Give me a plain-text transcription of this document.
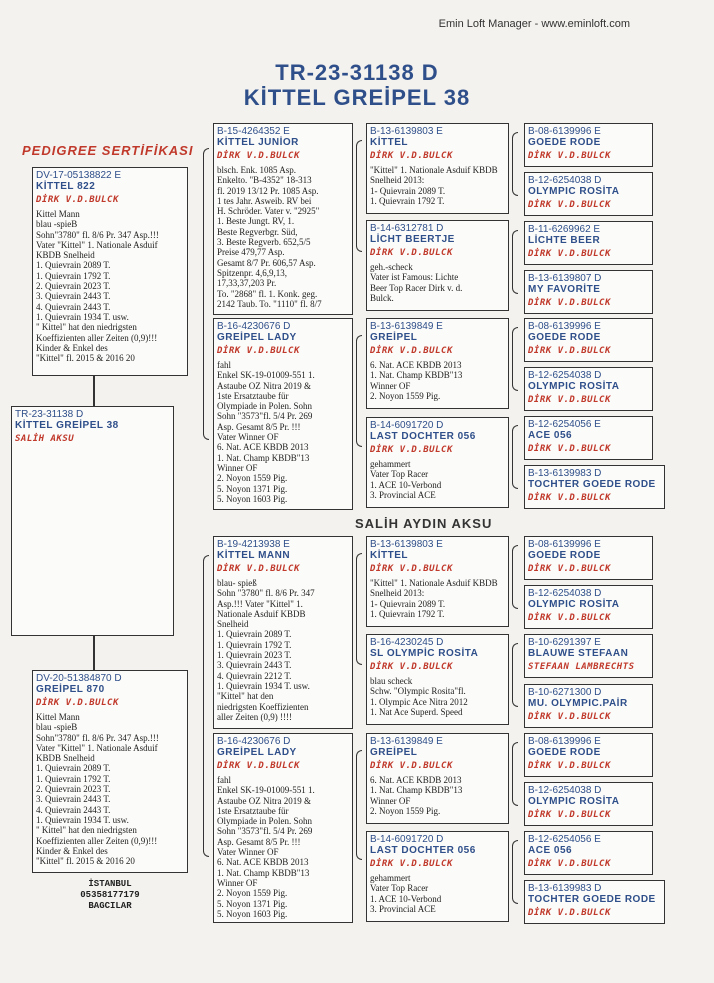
Emin Loft Manager - www.eminloft.com
TR-23-31138 D
KİTTEL GREİPEL 38
PEDIGREE SERTİFİKASI
DV-17-05138822 E
KİTTEL 822
DİRK V.D.BULCK
Kittel Mann
blau -spieB
Sohn"3780" fl. 8/6 Pr. 347 Asp.!!!
Vater "Kittel" 1. Nationale Asduif
KBDB Snelheid
1. Quievrain 2089 T.
1. Quievrain 1792 T.
2. Quievrain 2023 T.
3. Quievrain 2443 T.
4. Quievrain 2443 T.
1. Quievrain 1934 T. usw.
" Kittel" hat den niedrigsten
Koeffizienten aller Zeiten (0,9)!!!
Kinder & Enkel des
"Kittel" fl. 2015 & 2016 20
TR-23-31138 D
KİTTEL GREİPEL 38
SALİH AKSU
DV-20-51384870 D
GREİPEL 870
DİRK V.D.BULCK
Kittel Mann
blau -spieB
Sohn"3780" fl. 8/6 Pr. 347 Asp.!!!
Vater "Kittel" 1. Nationale Asduif
KBDB Snelheid
1. Quievrain 2089 T.
1. Quievrain 1792 T.
2. Quievrain 2023 T.
3. Quievrain 2443 T.
4. Quievrain 2443 T.
1. Quievrain 1934 T. usw.
" Kittel" hat den niedrigsten
Koeffizienten aller Zeiten (0,9)!!!
Kinder & Enkel des
"Kittel" fl. 2015 & 2016 20
İSTANBUL
05358177179
BAGCILAR
SALİH AYDIN AKSU
B-15-4264352 E
KİTTEL JUNİOR
DİRK V.D.BULCK
blsch. Enk. 1085 Asp.
Enkelto. "B-4352" 18-313
fl. 2019 13/12 Pr. 1085 Asp.
1 tes Jahr. Asweib. RV bei
H. Schröder. Vater v. "2925"
1. Beste Jungt. RV, 1.
Beste Regverbgr. Süd,
3. Beste Regverb. 652,5/5
Preise 479,77 Asp.
Gesamt 8/7 Pr. 606,57 Asp.
Spitzenpr. 4,6,9,13,
17,33,37,203 Pr.
To. "2868" fl. 1. Konk. geg.
2142 Taub. To. "1110" fl. 8/7
B-16-4230676 D
GREİPEL LADY
DİRK V.D.BULCK
fahl
Enkel SK-19-01009-551 1.
Astaube OZ Nitra 2019 &
1ste Ersatztaube für
Olympiade in Polen. Sohn
Sohn "3573"fl. 5/4 Pr. 269
Asp. Gesamt 8/5 Pr. !!!
Vater Winner OF
6. Nat. ACE KBDB 2013
1. Nat. Champ KBDB"13
Winner OF
2. Noyon 1559 Pig.
5. Noyon 1371 Pig.
5. Noyon 1603 Pig.
B-19-4213938 E
KİTTEL MANN
DİRK V.D.BULCK
blau- spieß
Sohn "3780" fl. 8/6 Pr. 347
Asp.!!! Vater "Kittel" 1.
Nationale Asduif KBDB
Snelheid
1. Quievrain 2089 T.
1. Quievrain 1792 T.
1. Quievrain 2023 T.
3. Quievrain 2443 T.
4. Quievrain 2212 T.
1. Quievrain 1934 T. usw.
"Kittel" hat den
niedrigsten Koeffizienten
aller Zeiten (0,9) !!!!
B-16-4230676 D
GREİPEL LADY
DİRK V.D.BULCK
fahl
Enkel SK-19-01009-551 1.
Astaube OZ Nitra 2019 &
1ste Ersatztaube für
Olympiade in Polen. Sohn
Sohn "3573"fl. 5/4 Pr. 269
Asp. Gesamt 8/5 Pr. !!!
Vater Winner OF
6. Nat. ACE KBDB 2013
1. Nat. Champ KBDB"13
Winner OF
2. Noyon 1559 Pig.
5. Noyon 1371 Pig.
5. Noyon 1603 Pig.
B-13-6139803 E
KİTTEL
DİRK V.D.BULCK
"Kittel" 1. Nationale Asduif KBDB
Snelheid 2013:
1- Quievrain 2089 T.
1. Quievrain 1792 T.
B-14-6312781 D
LİCHT BEERTJE
DİRK V.D.BULCK
geh.-scheck
Vater ist Famous: Lichte
Beer Top Racer Dirk v. d.
Bulck.
B-13-6139849 E
GREİPEL
DİRK V.D.BULCK
6. Nat. ACE KBDB 2013
1. Nat. Champ KBDB"13
Winner OF
2. Noyon 1559 Pig.
B-14-6091720 D
LAST DOCHTER 056
DİRK V.D.BULCK
gehammert
Vater Top Racer
1. ACE 10-Verbond
3. Provincial ACE
B-13-6139803 E
KİTTEL
DİRK V.D.BULCK
"Kittel" 1. Nationale Asduif KBDB
Snelheid 2013:
1- Quievrain 2089 T.
1. Quievrain 1792 T.
B-16-4230245 D
SL OLYMPİC ROSİTA
DİRK V.D.BULCK
blau scheck
Schw. "Olympic Rosita"fl.
1. Olympic Ace Nitra 2012
1. Nat Ace Superd. Speed
B-13-6139849 E
GREİPEL
DİRK V.D.BULCK
6. Nat. ACE KBDB 2013
1. Nat. Champ KBDB"13
Winner OF
2. Noyon 1559 Pig.
B-14-6091720 D
LAST DOCHTER 056
DİRK V.D.BULCK
gehammert
Vater Top Racer
1. ACE 10-Verbond
3. Provincial ACE
B-08-6139996 E
GOEDE RODE
DİRK V.D.BULCK
B-12-6254038 D
OLYMPIC ROSİTA
DİRK V.D.BULCK
B-11-6269962 E
LİCHTE BEER
DİRK V.D.BULCK
B-13-6139807 D
MY FAVORİTE
DİRK V.D.BULCK
B-08-6139996 E
GOEDE RODE
DİRK V.D.BULCK
B-12-6254038 D
OLYMPIC ROSİTA
DİRK V.D.BULCK
B-12-6254056 E
ACE 056
DİRK V.D.BULCK
B-13-6139983 D
TOCHTER GOEDE RODE
DİRK V.D.BULCK
B-08-6139996 E
GOEDE RODE
DİRK V.D.BULCK
B-12-6254038 D
OLYMPIC ROSİTA
DİRK V.D.BULCK
B-10-6291397 E
BLAUWE STEFAAN
STEFAAN LAMBRECHTS
B-10-6271300 D
MU. OLYMPIC.PAİR
DİRK V.D.BULCK
B-08-6139996 E
GOEDE RODE
DİRK V.D.BULCK
B-12-6254038 D
OLYMPIC ROSİTA
DİRK V.D.BULCK
B-12-6254056 E
ACE 056
DİRK V.D.BULCK
B-13-6139983 D
TOCHTER GOEDE RODE
DİRK V.D.BULCK
